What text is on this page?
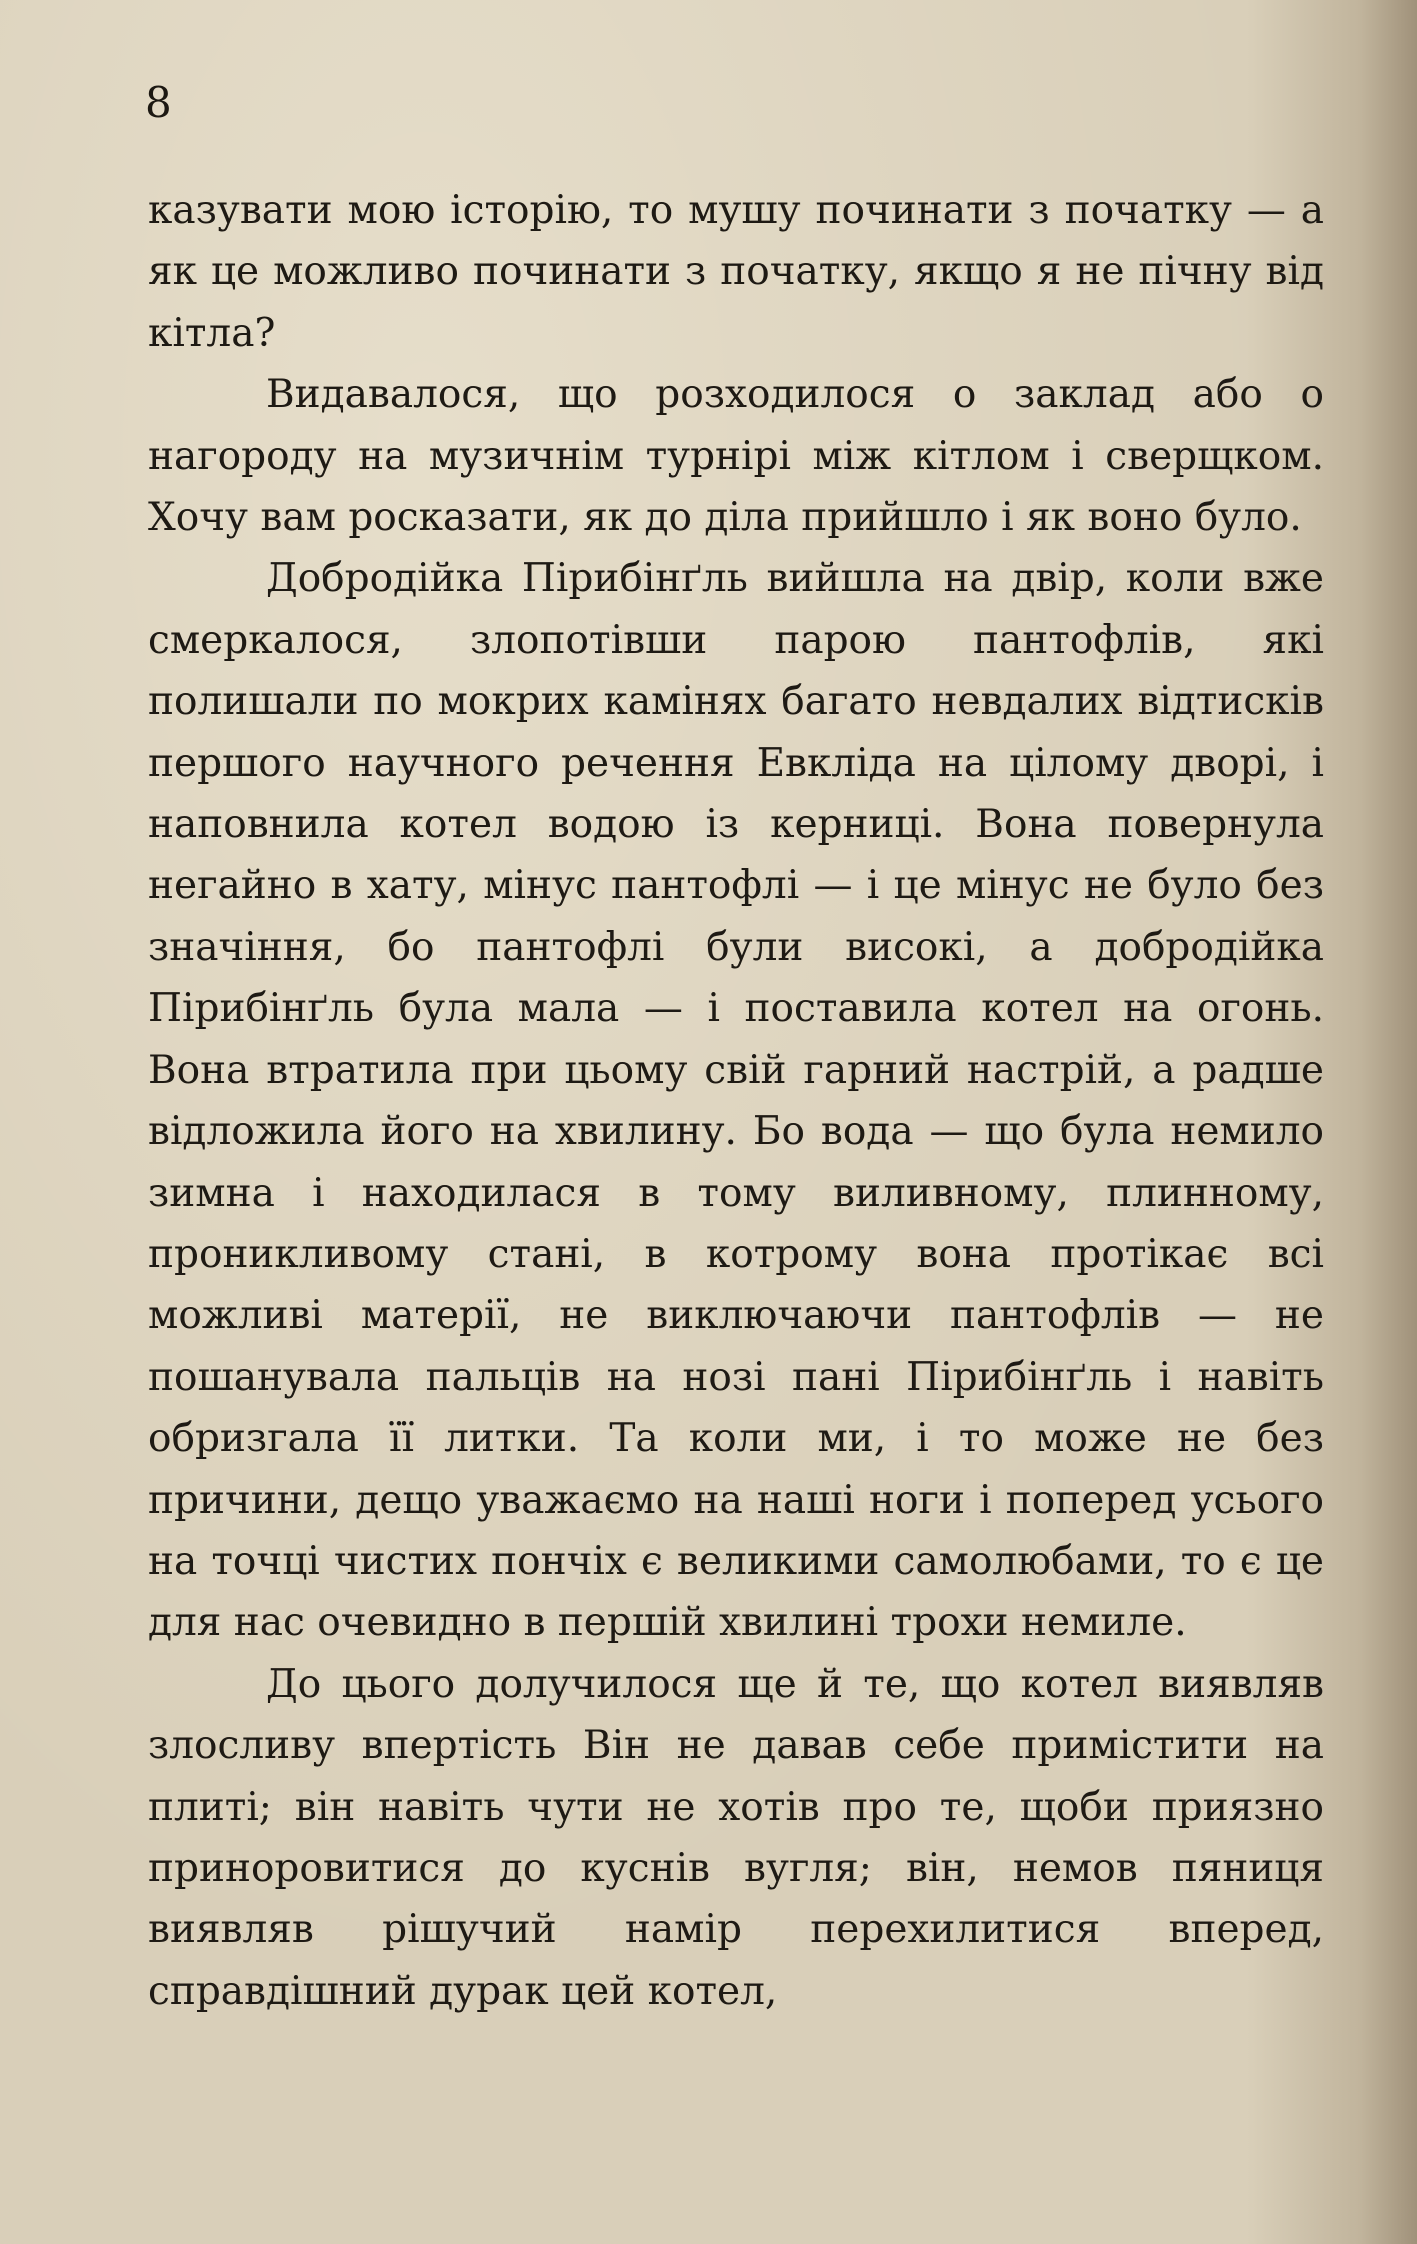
8

казувати мою історію, то мушу починати з початку — а як це можливо починати з початку, якщо я не пічну від кітла?

Видавалося, що розходилося о заклад або о нагороду на музичнім турнірі між кітлом і сверщком. Хочу вам росказати, як до діла прийшло і як воно було.

Добродійка Пірибінґль вийшла на двір, коли вже смеркалося, злопотівши парою пантофлів, які полишали по мокрих камінях багато невдалих відтисків першого научного речення Евкліда на цілому дворі, і наповнила котел водою із керниці. Вона повернула негайно в хату, мінус пантофлі — і це мінус не було без значіння, бо пантофлі були високі, а добродійка Пірибінґль була мала — і поставила котел на огонь. Вона втратила при цьому свій гарний настрій, а радше відложила його на хвилину. Бо вода — що була немило зимна і находилася в тому виливному, плинному, проникливому стані, в котрому вона протікає всі можливі матерії, не виключаючи пантофлів — не пошанувала пальців на нозі пані Пірибінґль і навіть обризгала її литки. Та коли ми, і то може не без причини, дещо уважаємо на наші ноги і поперед усього на точці чистих пончіх є великими самолюбами, то є це для нас очевидно в першій хвилині трохи немиле.

До цього долучилося ще й те, що котел виявляв злосливу впертість Він не давав себе примістити на плиті; він навіть чути не хотів про те, щоби приязно приноровитися до куснів вугля; він, немов пяниця виявляв рішучий намір перехилитися вперед, справдішний дурак цей котел,
